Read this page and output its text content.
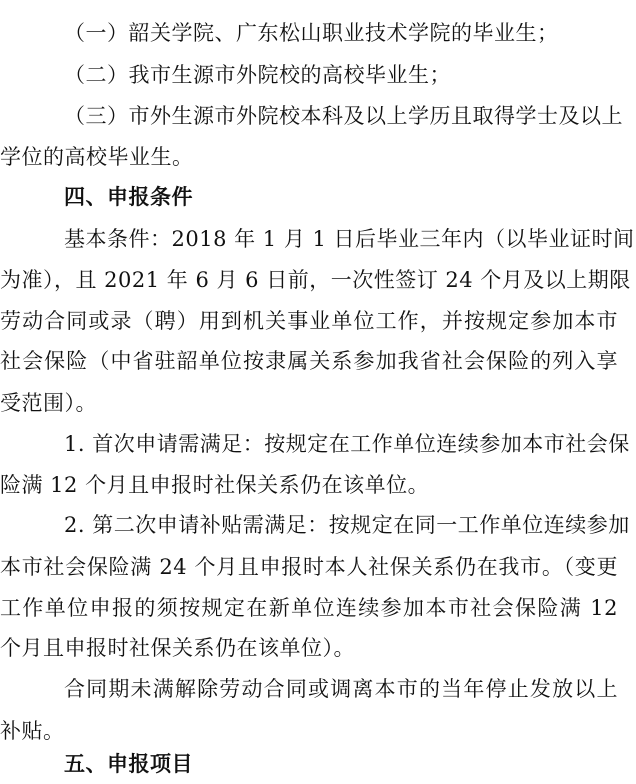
（一）韶关学院、广东松山职业技术学院的毕业生；
（二）我市生源市外院校的高校毕业生；
（三）市外生源市外院校本科及以上学历且取得学士及以上
学位的高校毕业生。
四、申报条件
基本条件：2018 年 1 月 1 日后毕业三年内（以毕业证时间
为准），且 2021 年 6 月 6 日前，一次性签订 24 个月及以上期限
劳动合同或录（聘）用到机关事业单位工作，并按规定参加本市
社会保险（中省驻韶单位按隶属关系参加我省社会保险的列入享
受范围）。
1. 首次申请需满足：按规定在工作单位连续参加本市社会保
险满 12 个月且申报时社保关系仍在该单位。
2. 第二次申请补贴需满足：按规定在同一工作单位连续参加
本市社会保险满 24 个月且申报时本人社保关系仍在我市。（变更
工作单位申报的须按规定在新单位连续参加本市社会保险满 12
个月且申报时社保关系仍在该单位）。
合同期未满解除劳动合同或调离本市的当年停止发放以上
补贴。
五、申报项目
